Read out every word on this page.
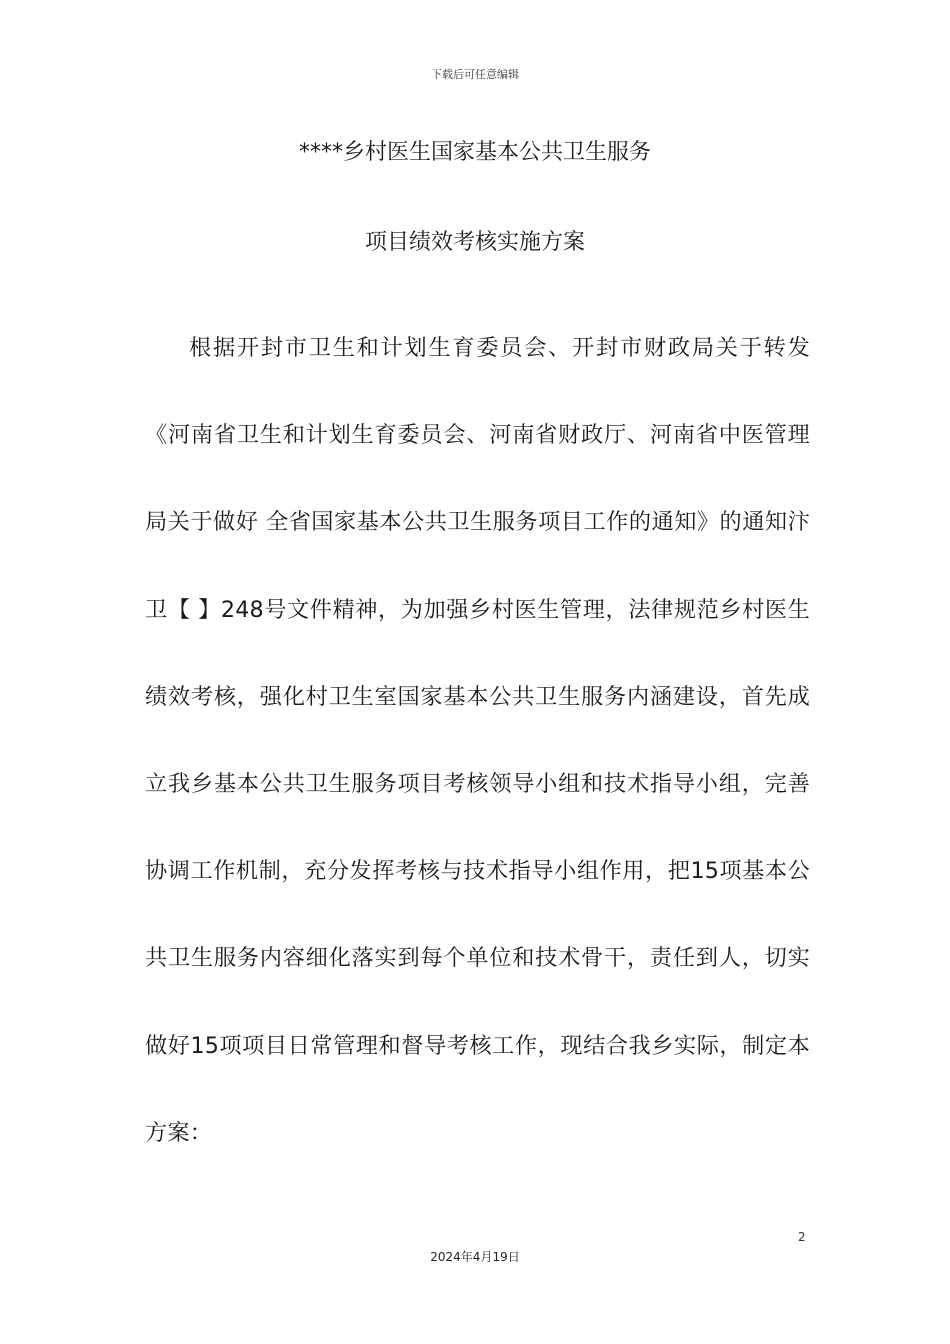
下载后可任意编辑
****乡村医生国家基本公共卫生服务
项目绩效考核实施方案

根据开封市卫生和计划生育委员会、开封市财政局关于转发《河南省卫生和计划生育委员会、河南省财政厅、河南省中医管理局关于做好 全省国家基本公共卫生服务项目工作的通知》的通知汴卫【 】248号文件精神，为加强乡村医生管理，法律规范乡村医生绩效考核，强化村卫生室国家基本公共卫生服务内涵建设，首先成立我乡基本公共卫生服务项目考核领导小组和技术指导小组，完善协调工作机制，充分发挥考核与技术指导小组作用，把15项基本公共卫生服务内容细化落实到每个单位和技术骨干，责任到人，切实做好15项项目日常管理和督导考核工作，现结合我乡实际，制定本方案：

2
2024年4月19日
